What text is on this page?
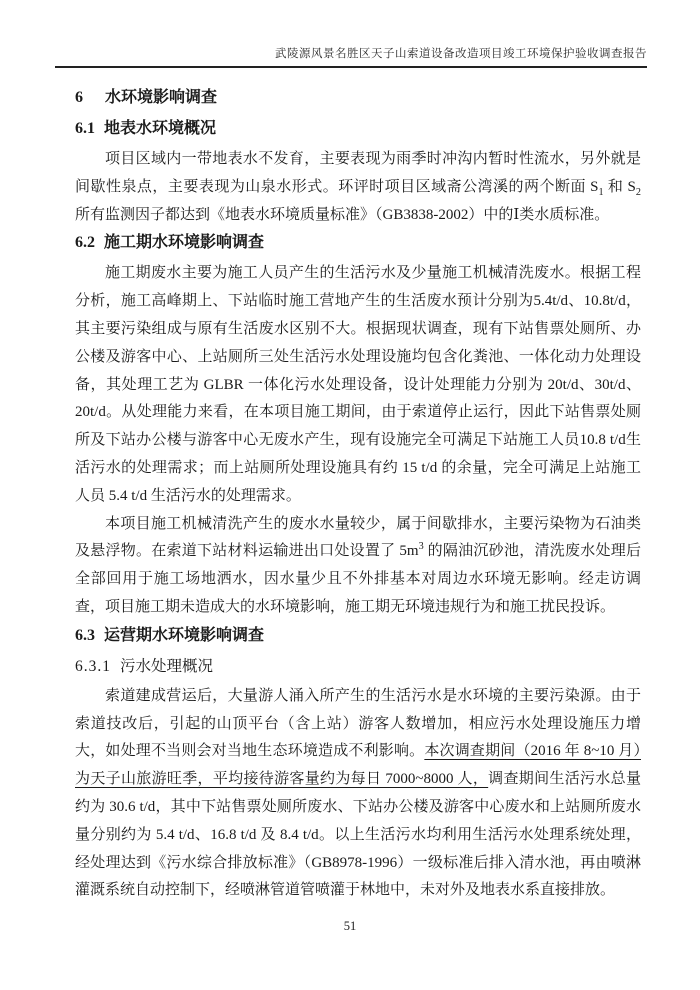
武陵源风景名胜区天子山索道设备改造项目竣工环境保护验收调查报告
6 水环境影响调查
6.1 地表水环境概况

项目区域内一带地表水不发育，主要表现为雨季时冲沟内暂时性流水，另外就是间歇性泉点，主要表现为山泉水形式。环评时项目区域斋公湾溪的两个断面 $S_1$ 和 $S_2$ 所有监测因子都达到《地表水环境质量标准》（GB3838-2002）中的Ⅰ类水质标准。

6.2 施工期水环境影响调查

施工期废水主要为施工人员产生的生活污水及少量施工机械清洗废水。根据工程分析，施工高峰期上、下站临时施工营地产生的生活废水预计分别为5.4t/d、10.8t/d，其主要污染组成与原有生活废水区别不大。根据现状调查，现有下站售票处厕所、办公楼及游客中心、上站厕所三处生活污水处理设施均包含化粪池、一体化动力处理设备，其处理工艺为 GLBR 一体化污水处理设备，设计处理能力分别为 20t/d、30t/d、20t/d。从处理能力来看，在本项目施工期间，由于索道停止运行，因此下站售票处厕所及下站办公楼与游客中心无废水产生，现有设施完全可满足下站施工人员10.8 t/d生活污水的处理需求；而上站厕所处理设施具有约 15 t/d 的余量，完全可满足上站施工人员 5.4 t/d 生活污水的处理需求。

本项目施工机械清洗产生的废水水量较少，属于间歇排水，主要污染物为石油类及悬浮物。在索道下站材料运输进出口处设置了 $5m^3$ 的隔油沉砂池，清洗废水处理后全部回用于施工场地洒水，因水量少且不外排基本对周边水环境无影响。经走访调查，项目施工期未造成大的水环境影响，施工期无环境违规行为和施工扰民投诉。

6.3 运营期水环境影响调查
6.3.1 污水处理概况

索道建成营运后，大量游人涌入所产生的生活污水是水环境的主要污染源。由于索道技改后，引起的山顶平台（含上站）游客人数增加，相应污水处理设施压力增大，如处理不当则会对当地生态环境造成不利影响。本次调查期间（2016 年 8~10 月）为天子山旅游旺季，平均接待游客量约为每日 7000~8000 人，调查期间生活污水总量约为 30.6 t/d，其中下站售票处厕所废水、下站办公楼及游客中心废水和上站厕所废水量分别约为 5.4 t/d、16.8 t/d 及 8.4 t/d。以上生活污水均利用生活污水处理系统处理，经处理达到《污水综合排放标准》（GB8978-1996）一级标准后排入清水池，再由喷淋灌溉系统自动控制下，经喷淋管道管喷灌于林地中，未对外及地表水系直接排放。

51
